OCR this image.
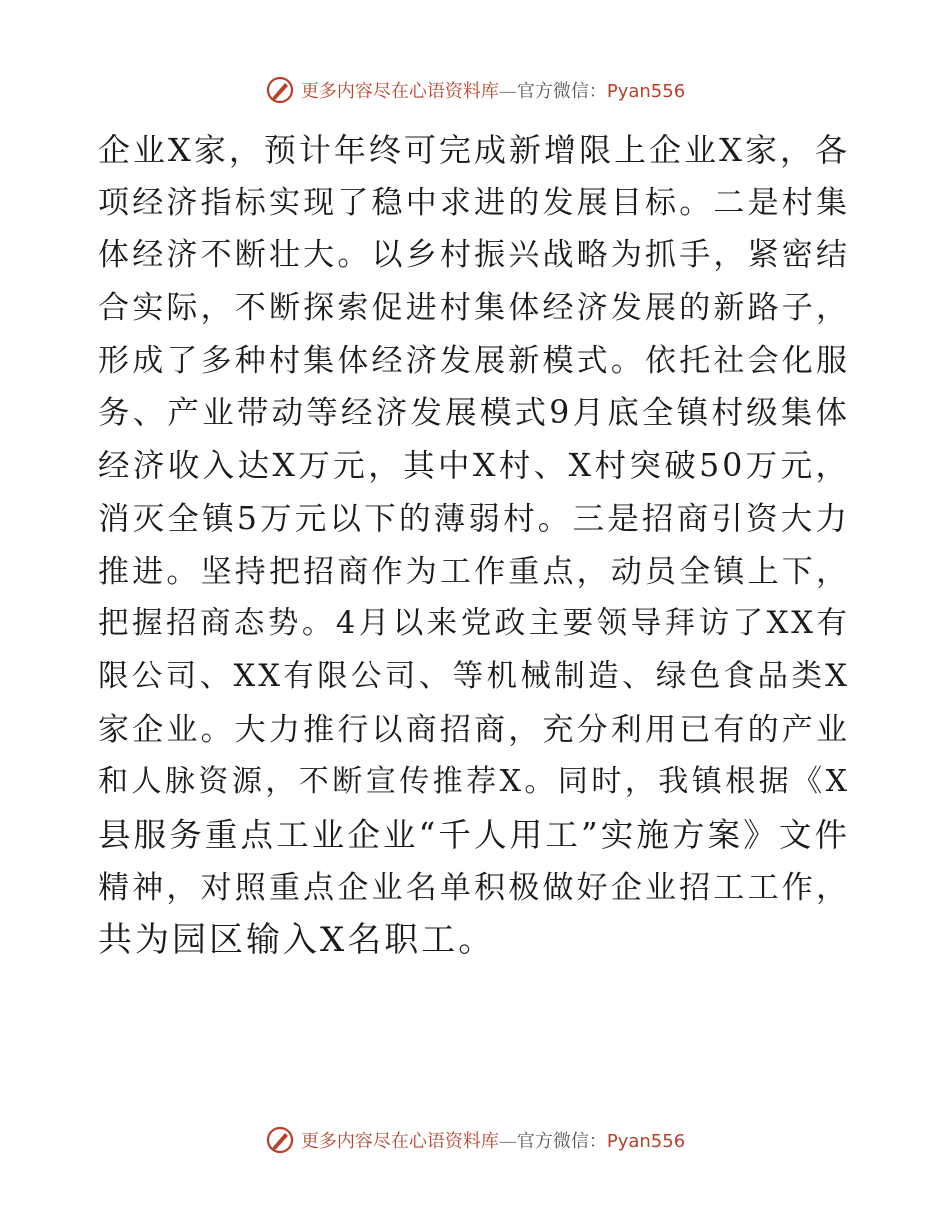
更多内容尽在心语资料库—官方微信：Pyan556
企业X家，预计年终可完成新增限上企业X家，各
项经济指标实现了稳中求进的发展目标。二是村集
体经济不断壮大。以乡村振兴战略为抓手，紧密结
合实际，不断探索促进村集体经济发展的新路子，
形成了多种村集体经济发展新模式。依托社会化服
务、产业带动等经济发展模式9月底全镇村级集体
经济收入达X万元，其中X村、X村突破50万元，
消灭全镇5万元以下的薄弱村。三是招商引资大力
推进。坚持把招商作为工作重点，动员全镇上下，
把握招商态势。4月以来党政主要领导拜访了XX有
限公司、XX有限公司、等机械制造、绿色食品类X
家企业。大力推行以商招商，充分利用已有的产业
和人脉资源，不断宣传推荐X。同时，我镇根据《X
县服务重点工业企业“千人用工”实施方案》文件
精神，对照重点企业名单积极做好企业招工工作，
共为园区输入X名职工。
更多内容尽在心语资料库—官方微信：Pyan556
